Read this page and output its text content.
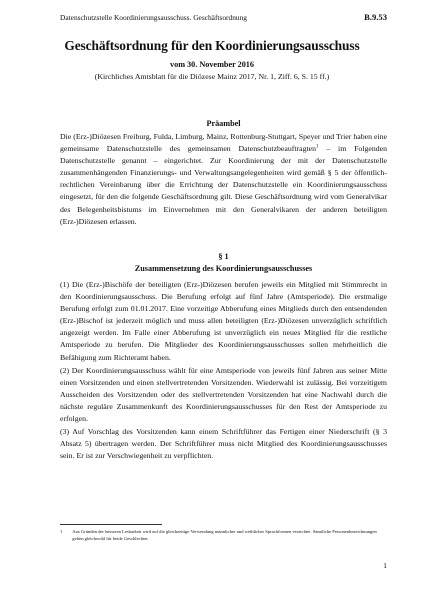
Datenschutzstelle Koordinierungsausschuss. Geschäftsordnung	B.9.53
Geschäftsordnung für den Koordinierungsausschuss
vom 30. November 2016
(Kirchliches Amtsblatt für die Diözese Mainz 2017, Nr. 1, Ziff. 6, S. 15 ff.)
Präambel

Die (Erz-)Diözesen Freiburg, Fulda, Limburg, Mainz, Rottenburg-Stuttgart, Speyer und Trier haben eine gemeinsame Datenschutzstelle des gemeinsamen Datenschutzbeauftragten$^1$ – im Folgenden Datenschutzstelle genannt – eingerichtet. Zur Koordinierung der mit der Datenschutzstelle zusammenhängenden Finanzierungs- und Verwaltungsangelegenheiten wird gemäß § 5 der öffentlich-rechtlichen Vereinbarung über die Errichtung der Datenschutzstelle ein Koordinierungsausschuss eingesetzt, für den die folgende Geschäftsordnung gilt. Diese Geschäftsordnung wird vom Generalvikar des Belegenheitsbistums im Einvernehmen mit den Generalvikaren der anderen beteiligten (Erz-)Diözesen erlassen.

§ 1
Zusammensetzung des Koordinierungsausschusses

(1) Die (Erz-)Bischöfe der beteiligten (Erz-)Diözesen berufen jeweils ein Mitglied mit Stimmrecht in den Koordinierungsausschuss. Die Berufung erfolgt auf fünf Jahre (Amtsperiode). Die erstmalige Berufung erfolgt zum 01.01.2017. Eine vorzeitige Abberufung eines Mitglieds durch den entsendenden (Erz-)Bischof ist jederzeit möglich und muss allen beteiligten (Erz-)Diözesen unverzüglich schriftlich angezeigt werden. Im Falle einer Abberufung ist unverzüglich ein neues Mitglied für die restliche Amtsperiode zu berufen. Die Mitglieder des Koordinierungsausschusses sollen mehrheitlich die Befähigung zum Richteramt haben.

(2) Der Koordinierungsausschuss wählt für eine Amtsperiode von jeweils fünf Jahren aus seiner Mitte einen Vorsitzenden und einen stellvertretenden Vorsitzenden. Wiederwahl ist zulässig. Bei vorzeitigem Ausscheiden des Vorsitzenden oder des stellvertretenden Vorsitzenden hat eine Nachwahl durch die nächste reguläre Zusammenkunft des Koordinierungsausschusses für den Rest der Amtsperiode zu erfolgen.

(3) Auf Vorschlag des Vorsitzenden kann einem Schriftführer das Fertigen einer Niederschrift (§ 3 Absatz 5) übertragen werden. Der Schriftführer muss nicht Mitglied des Koordinierungsausschusses sein. Er ist zur Verschwiegenheit zu verpflichten.

1 Aus Gründen der besseren Lesbarkeit wird auf die gleichzeitige Verwendung männlicher und weiblicher Sprachformen verzichtet. Sämtliche Personenbezeichnungen gelten gleichwohl für beide Geschlechter.
1
